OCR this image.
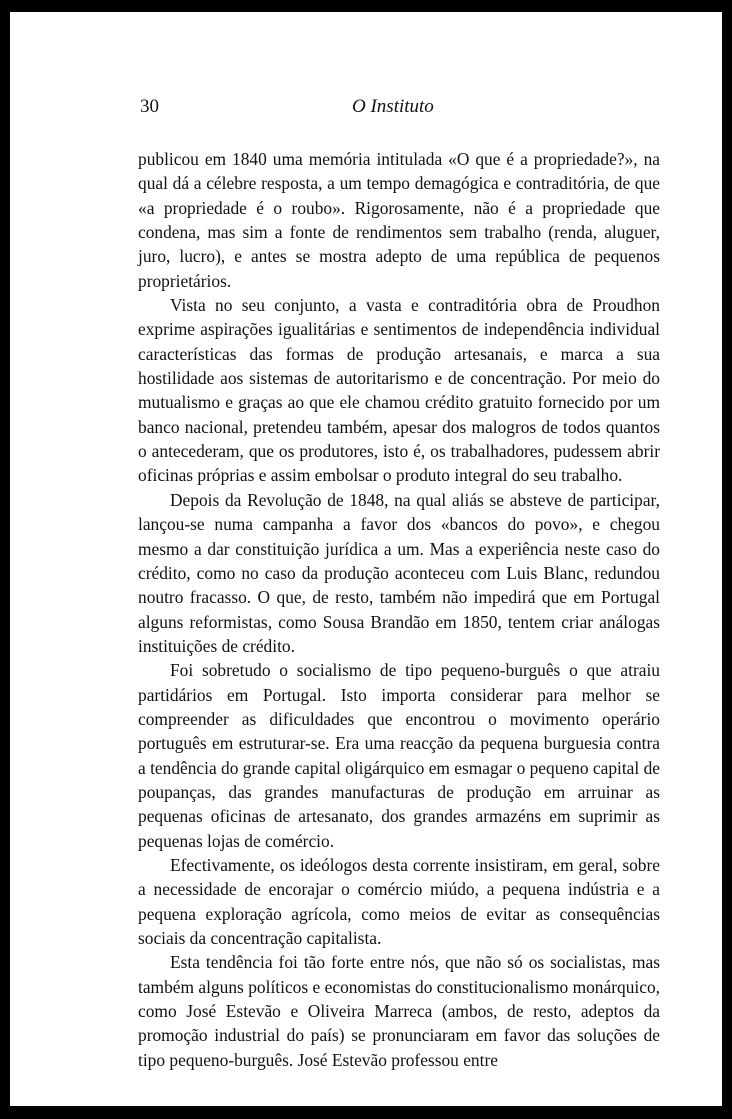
30	O Instituto

publicou em 1840 uma memória intitulada «O que é a propriedade?», na qual dá a célebre resposta, a um tempo demagógica e contraditória, de que «a propriedade é o roubo». Rigorosamente, não é a propriedade que condena, mas sim a fonte de rendimentos sem trabalho (renda, aluguer, juro, lucro), e antes se mostra adepto de uma república de pequenos proprietários.

Vista no seu conjunto, a vasta e contraditória obra de Proudhon exprime aspirações igualitárias e sentimentos de independência individual características das formas de produção artesanais, e marca a sua hostilidade aos sistemas de autoritarismo e de concentração. Por meio do mutualismo e graças ao que ele chamou crédito gratuito fornecido por um banco nacional, pretendeu também, apesar dos malogros de todos quantos o antecederam, que os produtores, isto é, os trabalhadores, pudessem abrir oficinas próprias e assim embolsar o produto integral do seu trabalho.

Depois da Revolução de 1848, na qual aliás se absteve de participar, lançou-se numa campanha a favor dos «bancos do povo», e chegou mesmo a dar constituição jurídica a um. Mas a experiência neste caso do crédito, como no caso da produção aconteceu com Luis Blanc, redundou noutro fracasso. O que, de resto, também não impedirá que em Portugal alguns reformistas, como Sousa Brandão em 1850, tentem criar análogas instituições de crédito.

Foi sobretudo o socialismo de tipo pequeno-burguês o que atraiu partidários em Portugal. Isto importa considerar para melhor se compreender as dificuldades que encontrou o movimento operário português em estruturar-se. Era uma reacção da pequena burguesia contra a tendência do grande capital oligárquico em esmagar o pequeno capital de poupanças, das grandes manufacturas de produção em arruinar as pequenas oficinas de artesanato, dos grandes armazéns em suprimir as pequenas lojas de comércio.

Efectivamente, os ideólogos desta corrente insistiram, em geral, sobre a necessidade de encorajar o comércio miúdo, a pequena indústria e a pequena exploração agrícola, como meios de evitar as consequências sociais da concentração capitalista.

Esta tendência foi tão forte entre nós, que não só os socialistas, mas também alguns políticos e economistas do constitucionalismo monárquico, como José Estevão e Oliveira Marreca (ambos, de resto, adeptos da promoção industrial do país) se pronunciaram em favor das soluções de tipo pequeno-burguês. José Estevão professou entre
